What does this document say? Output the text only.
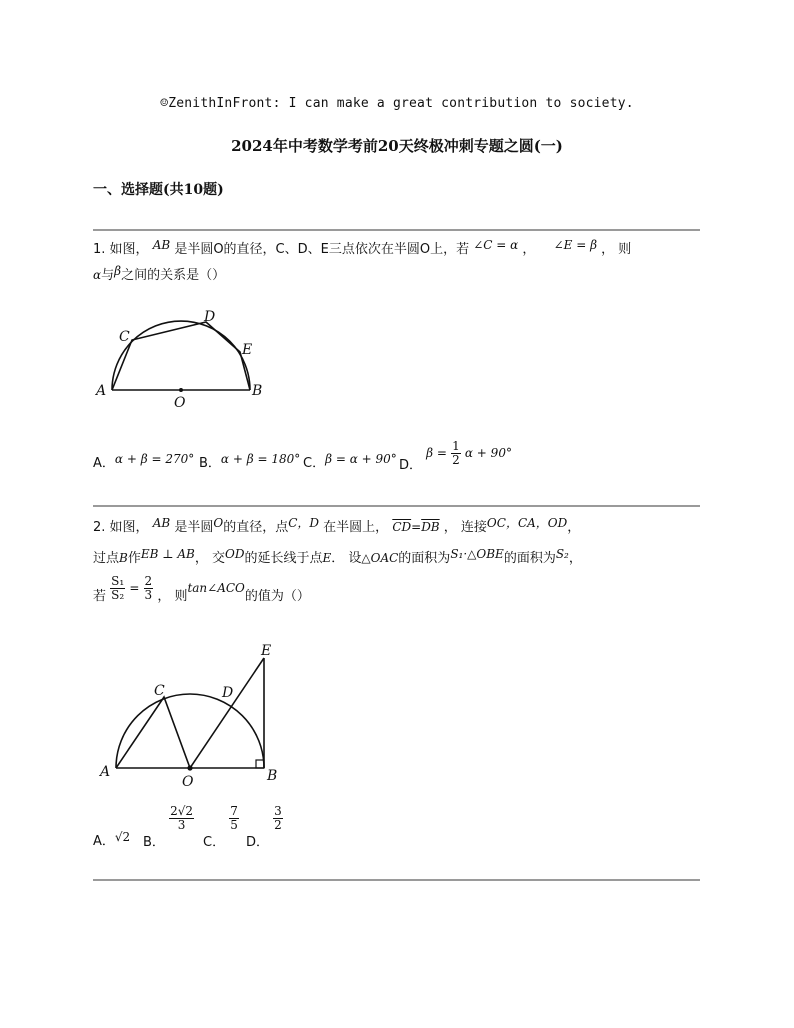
☺ZenithInFront: I can make a great contribution to society.
2024年中考数学考前20天终极冲刺专题之圆(一)
一、选择题(共10题)
1. 如图， AB 是半圆O的直径，C、D、E三点依次在半圆O上，若 ∠C = α ， ∠E = β ， 则
α与β之间的关系是（）
A	B
O
C
D
E
A．α + β = 270° B．α + β = 180° C．β = α + 90° D． $\beta = \frac{1}{2}$ α + 90°
2. 如图， AB 是半圆O的直径，点C，D 在半圆上， $\overline{CD}=\overline{DB}$ ， 连接OC，CA，OD，
过点B作EB ⊥ AB， 交OD的延长线于点E． 设△OAC的面积为S₁·△OBE的面积为S₂，
若 $\frac{\text{S₁}}{\text{S₂}} = \frac{2}{3}$ ， 则tan∠ACO的值为（）
A	B
O
C	D
E
A．√2 B．
$\frac{2√2}{3}$
C．
$\frac{7}{5}$
D．
$\frac{3}{2}$
